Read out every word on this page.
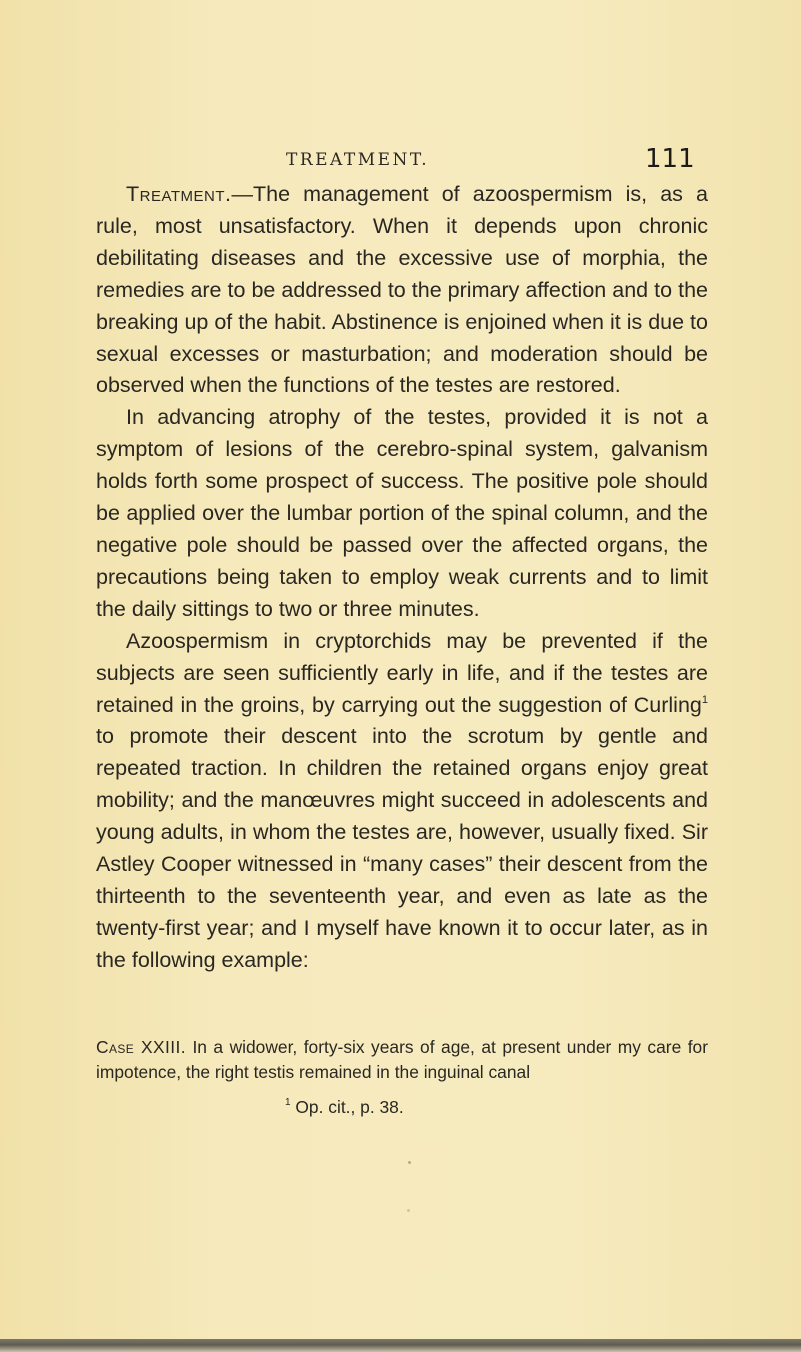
TREATMENT.	111

Treatment.—The management of azoospermism is, as a rule, most unsatisfactory. When it depends upon chronic debilitating diseases and the excessive use of morphia, the remedies are to be addressed to the primary affection and to the breaking up of the habit. Abstinence is enjoined when it is due to sexual excesses or masturbation; and moderation should be observed when the functions of the testes are restored.

In advancing atrophy of the testes, provided it is not a symptom of lesions of the cerebro-spinal system, galvanism holds forth some prospect of success. The positive pole should be applied over the lumbar portion of the spinal column, and the negative pole should be passed over the affected organs, the precautions being taken to employ weak currents and to limit the daily sittings to two or three minutes.

Azoospermism in cryptorchids may be prevented if the subjects are seen sufficiently early in life, and if the testes are retained in the groins, by carrying out the suggestion of Curling$^1$ to promote their descent into the scrotum by gentle and repeated traction. In children the retained organs enjoy great mobility; and the manœuvres might succeed in adolescents and young adults, in whom the testes are, however, usually fixed. Sir Astley Cooper witnessed in “many cases” their descent from the thirteenth to the seventeenth year, and even as late as the twenty-first year; and I myself have known it to occur later, as in the following example:

Case XXIII. In a widower, forty-six years of age, at present under my care for impotence, the right testis remained in the inguinal canal

$^1$ Op. cit., p. 38.
